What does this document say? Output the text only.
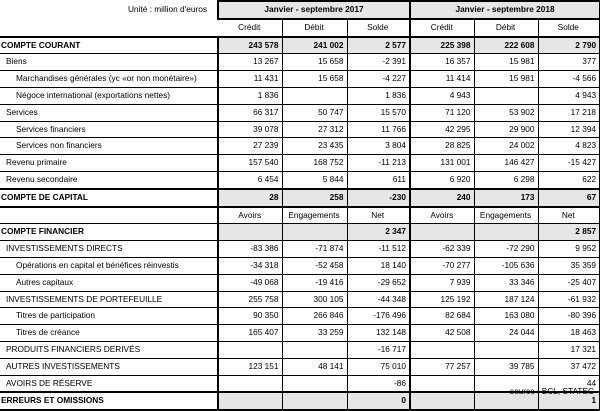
Unité : million d'euros	Janvier - septembre 2017			Janvier - septembre 2018		
	Crédit	Débit	Solde	Crédit	Débit	Solde
COMPTE COURANT	243 578	241 002	2 577	225 398	222 608	2 790
Biens	13 267	15 658	-2 391	16 357	15 981	377
Marchandises générales (yc «or non monétaire»)	11 431	15 658	-4 227	11 414	15 981	-4 566
Négoce international (exportations nettes)	1 836		1 836	4 943		4 943
Services	66 317	50 747	15 570	71 120	53 902	17 218
Services financiers	39 078	27 312	11 766	42 295	29 900	12 394
Services non financiers	27 239	23 435	3 804	28 825	24 002	4 823
Revenu primaire	157 540	168 752	-11 213	131 001	146 427	-15 427
Revenu secondaire	6 454	5 844	611	6 920	6 298	622
COMPTE DE CAPITAL	28	258	-230	240	173	67
	Avoirs	Engagements	Net	Avoirs	Engagements	Net
COMPTE FINANCIER			2 347			2 857
INVESTISSEMENTS DIRECTS	-83 386	-71 874	-11 512	-62 339	-72 290	9 952
Opérations en capital et bénéfices réinvestis	-34 318	-52 458	18 140	-70 277	-105 636	35 359
Autres capitaux	-49 068	-19 416	-29 652	7 939	33 346	-25 407
INVESTISSEMENTS DE PORTEFEUILLE	255 758	300 105	-44 348	125 192	187 124	-61 932
Titres de participation	90 350	266 846	-176 496	82 684	163 080	-80 396
Titres de créance	165 407	33 259	132 148	42 508	24 044	18 463
PRODUITS FINANCIERS DERIVÉS			-16 717			17 321
AUTRES INVESTISSEMENTS	123 151	48 141	75 010	77 257	39 785	37 472
AVOIRS DE RÉSERVE			-86			44
ERREURS ET OMISSIONS			0			1
source : BCL, STATEC
